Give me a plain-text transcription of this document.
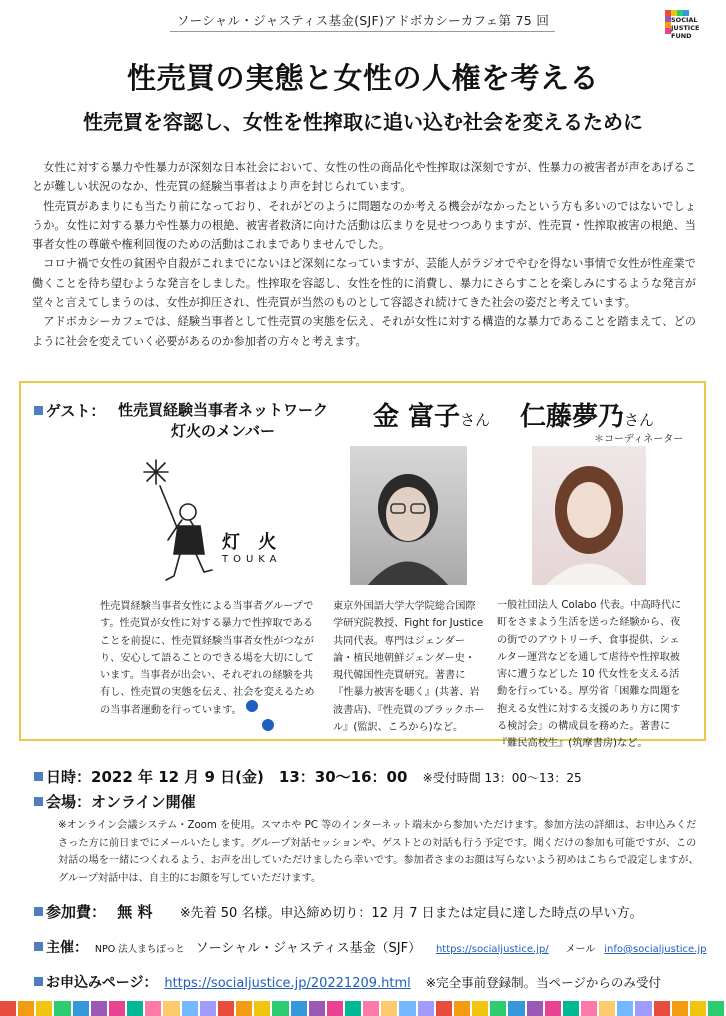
ソーシャル・ジャスティス基金(SJF)アドボカシーカフェ第 75 回	SOCIAL
JUSTICE
FUND
性売買の実態と女性の人権を考える
性売買を容認し、女性を性搾取に追い込む社会を変えるために

女性に対する暴力や性暴力が深刻な日本社会において、女性の性の商品化や性搾取は深刻ですが、性暴力の被害者が声をあげることが難しい状況のなか、性売買の経験当事者はより声を封じられています。

性売買があまりにも当たり前になっており、それがどのように問題なのか考える機会がなかったという方も多いのではないでしょうか。女性に対する暴力や性暴力の根絶、被害者救済に向けた活動は広まりを見せつつありますが、性売買・性搾取被害の根絶、当事者女性の尊厳や権利回復のための活動はこれまでありませんでした。

コロナ禍で女性の貧困や自殺がこれまでにないほど深刻になっていますが、芸能人がラジオでやむを得ない事情で女性が性産業で働くことを待ち望むような発言をしました。性搾取を容認し、女性を性的に消費し、暴力にさらすことを楽しみにするような発言が堂々と言えてしまうのは、女性が抑圧され、性売買が当然のものとして容認され続けてきた社会の姿だと考えています。

アドボカシーカフェでは、経験当事者として性売買の実態を伝え、それが女性に対する構造的な暴力であることを踏まえて、どのように社会を変えていく必要があるのか参加者の方々と考えます。

ゲスト： 性売買経験当事者ネットワーク
灯火のメンバー	金 富子さん 仁藤夢乃さん
＊コーディネーター
灯 火
TOUKA
性売買経験当事者女性による当事者グループです。性売買が女性に対する暴力で性搾取であることを前提に、性売買経験当事者女性がつながり、安心して語ることのできる場を大切にしています。当事者が出会い、それぞれの経験を共有し、性売買の実態を伝え、社会を変えるための当事者運動を行っています。
東京外国語大学大学院総合国際学研究院教授、Fight for Justice 共同代表。専門はジェンダー論・植民地朝鮮ジェンダー史・現代韓国性売買研究。著書に『性暴力被害を聴く』(共著、岩波書店)、『性売買のブラックホール』(監訳、ころから)など。
一般社団法人 Colabo 代表。中高時代に町をさまよう生活を送った経験から、夜の街でのアウトリーチ、食事提供、シェルター運営などを通して虐待や性搾取被害に遭うなどした 10 代女性を支える活動を行っている。厚労省「困難な問題を抱える女性に対する支援のあり方に関する検討会」の構成員を務めた。著書に『難民高校生』(筑摩書房)など。
日時：2022 年 12 月 9 日(金)　13：30〜16：00 ※受付時間 13：00〜13：25
会場：オンライン開催
※オンライン会議システム・Zoom を使用。スマホや PC 等のインターネット端末から参加いただけます。参加方法の詳細は、お申込みくださった方に前日までにメールいたします。グループ対話セッションや、ゲストとの対話も行う予定です。聞くだけの参加も可能ですが、この対話の場を一緒につくれるよう、お声を出していただけましたら幸いです。参加者さまのお顔は写らないよう初めはこちらで設定しますが、グループ対話中は、自主的にお顔を写していただけます。
参加費： 無 料 ※先着 50 名様。申込締め切り：12 月 7 日または定員に達した時点の早い方。
主催： NPO 法人まちぽっと ソーシャル・ジャスティス基金（SJF） https://socialjustice.jp/ メール info@socialjustice.jp
お申込みページ： https://socialjustice.jp/20221209.html ※完全事前登録制。当ページからのみ受付
